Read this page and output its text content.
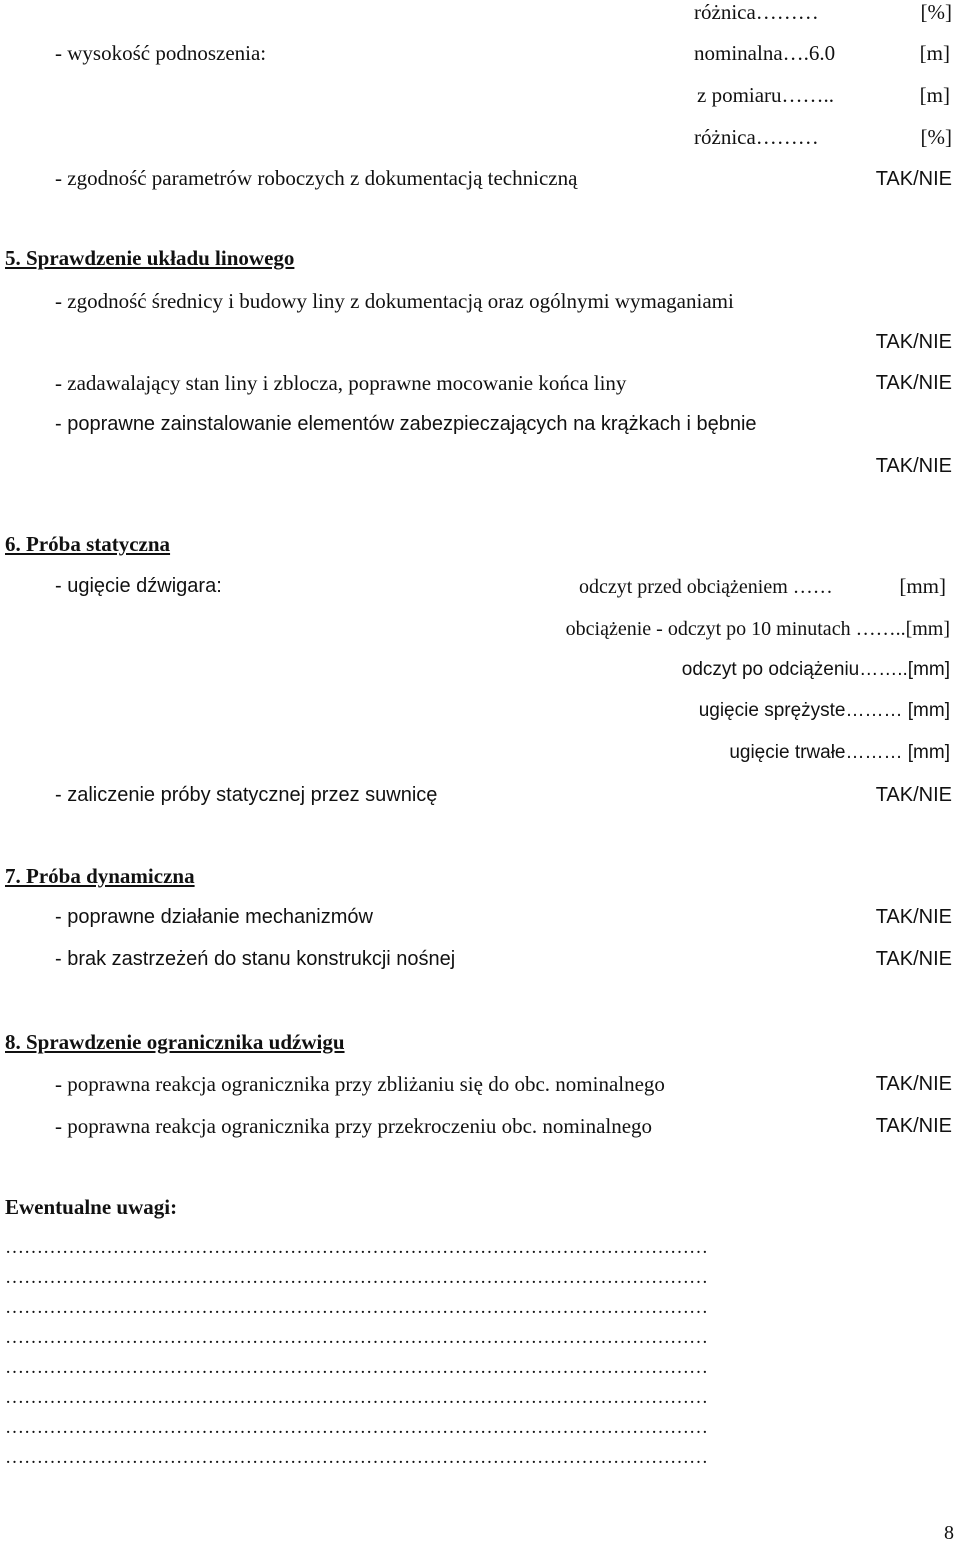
różnica………	[%]
- wysokość podnoszenia:	nominalna….6.0	[m]
z pomiaru……..	[m]
różnica………	[%]
- zgodność parametrów roboczych z dokumentacją techniczną	TAK/NIE
5. Sprawdzenie układu linowego
- zgodność średnicy i budowy liny z dokumentacją oraz ogólnymi wymaganiami
TAK/NIE
- zadawalający stan liny i zblocza, poprawne mocowanie końca liny	TAK/NIE
- poprawne zainstalowanie elementów zabezpieczających na krążkach i bębnie
TAK/NIE
6. Próba statyczna
- ugięcie dźwigara:	odczyt przed obciążeniem ……	[mm]
obciążenie - odczyt po 10 minutach ……..[mm]
odczyt po odciążeniu……..[mm]
ugięcie sprężyste……… [mm]
ugięcie trwałe……… [mm]
- zaliczenie próby statycznej przez suwnicę	TAK/NIE
7. Próba dynamiczna
- poprawne działanie mechanizmów	TAK/NIE
- brak zastrzeżeń do stanu konstrukcji nośnej	TAK/NIE
8. Sprawdzenie ogranicznika udźwigu
- poprawna reakcja ogranicznika przy zbliżaniu się do obc. nominalnego	TAK/NIE
- poprawna reakcja ogranicznika przy przekroczeniu obc. nominalnego	TAK/NIE
Ewentualne uwagi:
…………………………………………………………………………………………………
…………………………………………………………………………………………………
…………………………………………………………………………………………………
…………………………………………………………………………………………………
…………………………………………………………………………………………………
…………………………………………………………………………………………………
…………………………………………………………………………………………………
…………………………………………………………………………………………………
8
